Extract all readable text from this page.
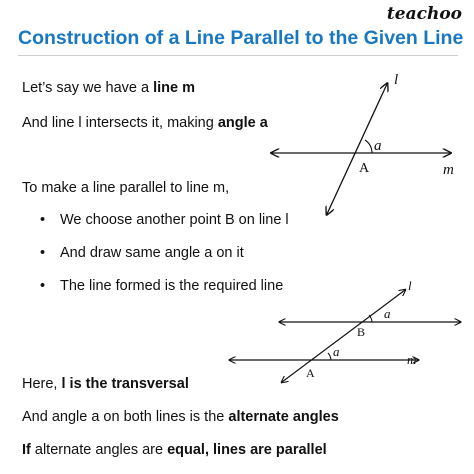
teachoo
Construction of a Line Parallel to the Given Line
Let’s say we have a line m
And line l intersects it, making angle a
To make a line parallel to line m,
• We choose another point B on line l
• And draw same angle a on it
• The line formed is the required line
Here, l is the transversal
And angle a on both lines is the alternate angles
If alternate angles are equal, lines are parallel
l
a
A	m
l
a
B
a
A
m
